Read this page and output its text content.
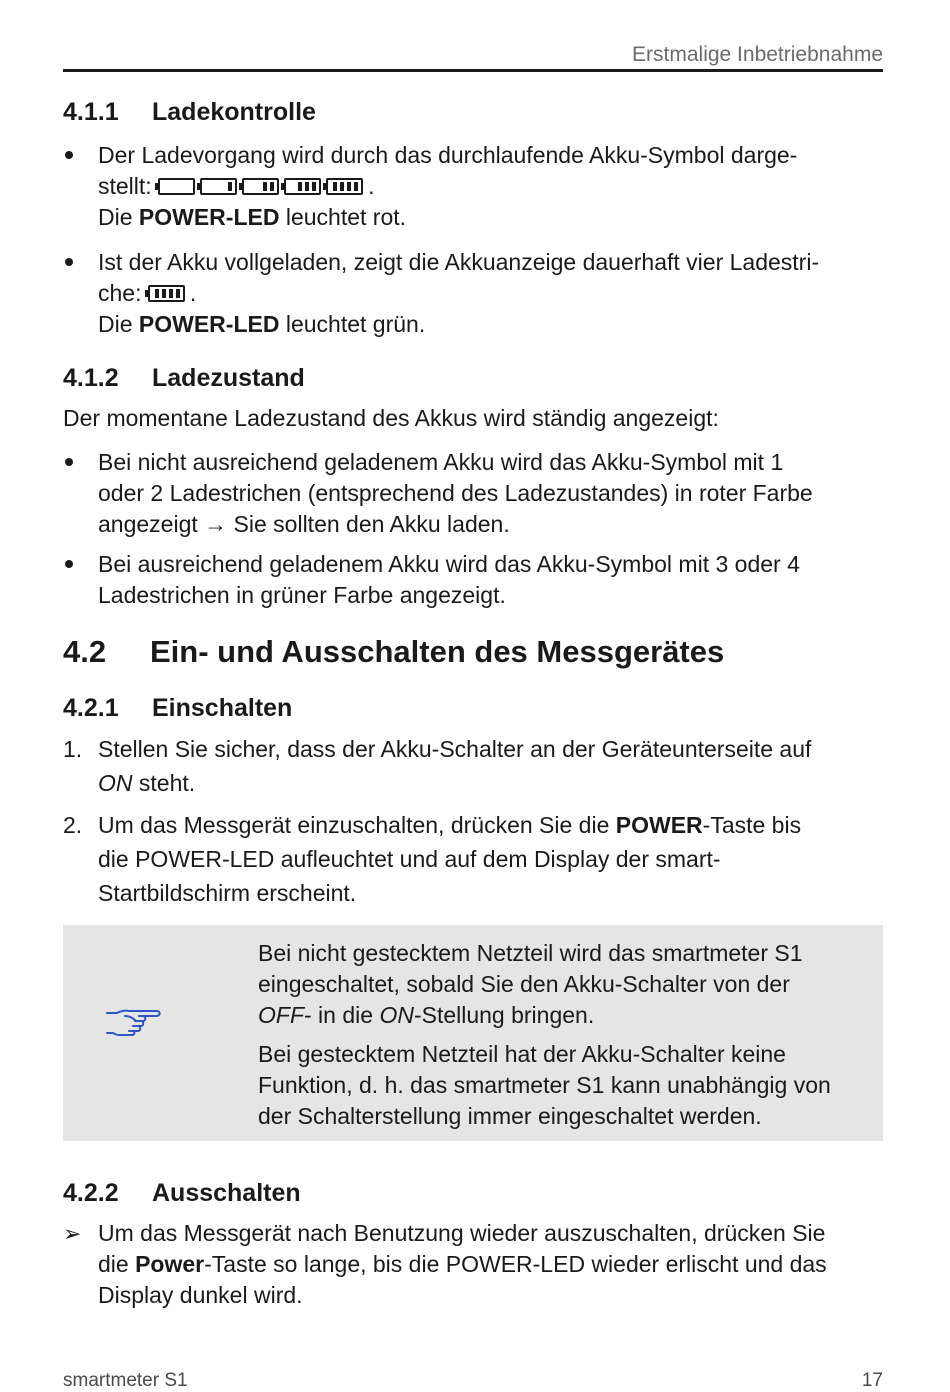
Erstmalige Inbetriebnahme
4.1.1 Ladekontrolle
Der Ladevorgang wird durch das durchlaufende Akku-Symbol darge-
stellt:	.
Die POWER-LED leuchtet rot.
Ist der Akku vollgeladen, zeigt die Akkuanzeige dauerhaft vier Ladestri-
che: .
Die POWER-LED leuchtet grün.
4.1.2 Ladezustand
Der momentane Ladezustand des Akkus wird ständig angezeigt:
Bei nicht ausreichend geladenem Akku wird das Akku-Symbol mit 1
oder 2 Ladestrichen (entsprechend des Ladezustandes) in roter Farbe
angezeigt → Sie sollten den Akku laden.
Bei ausreichend geladenem Akku wird das Akku-Symbol mit 3 oder 4
Ladestrichen in grüner Farbe angezeigt.
4.2 Ein- und Ausschalten des Messgerätes
4.2.1 Einschalten
1. Stellen Sie sicher, dass der Akku-Schalter an der Geräteunterseite auf
ON steht.
2. Um das Messgerät einzuschalten, drücken Sie die POWER-Taste bis
die POWER-LED aufleuchtet und auf dem Display der smart-
Startbildschirm erscheint.

Bei nicht gestecktem Netzteil wird das smartmeter S1
eingeschaltet, sobald Sie den Akku-Schalter von der
OFF- in die ON-Stellung bringen.

Bei gestecktem Netzteil hat der Akku-Schalter keine
Funktion, d. h. das smartmeter S1 kann unabhängig von
der Schalterstellung immer eingeschaltet werden.

4.2.2 Ausschalten
➢ Um das Messgerät nach Benutzung wieder auszuschalten, drücken Sie
die Power-Taste so lange, bis die POWER-LED wieder erlischt und das
Display dunkel wird.
smartmeter S1	17
